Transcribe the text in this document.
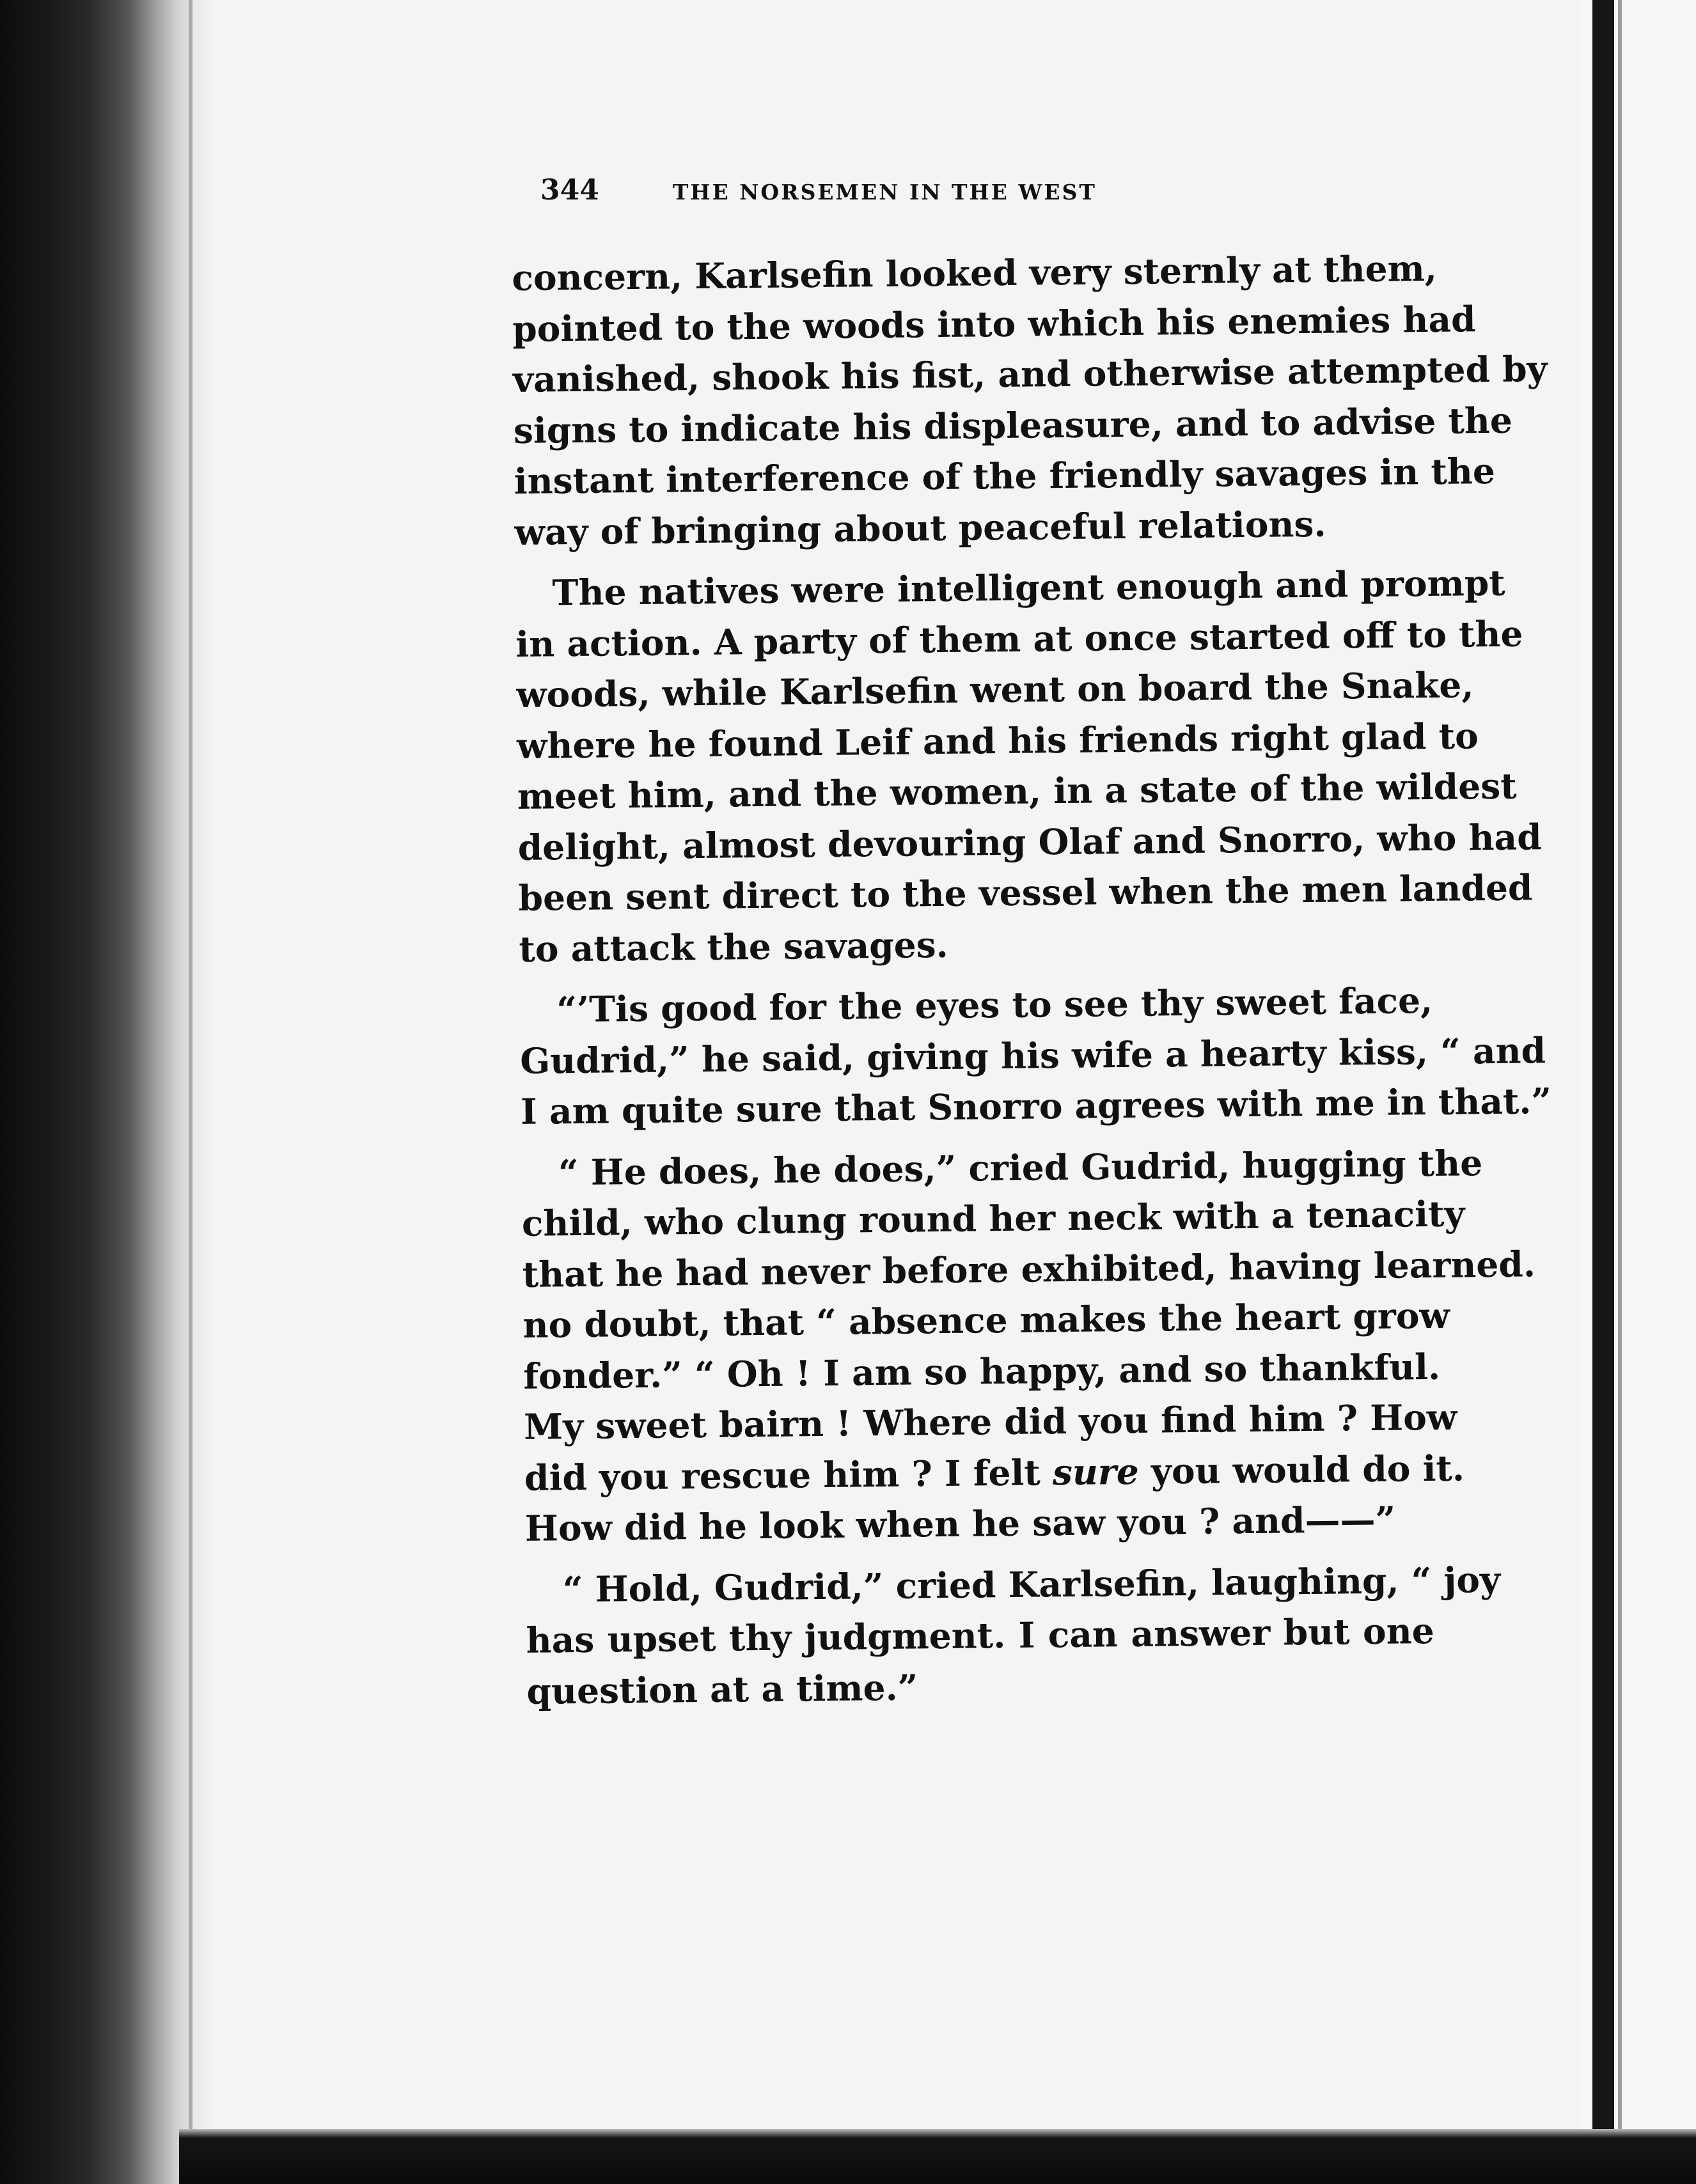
344	THE NORSEMEN IN THE WEST

concern, Karlsefin looked very sternly at them,
pointed to the woods into which his enemies had
vanished, shook his fist, and otherwise attempted by
signs to indicate his displeasure, and to advise the
instant interference of the friendly savages in the
way of bringing about peaceful relations.

The natives were intelligent enough and prompt
in action. A party of them at once started off to the
woods, while Karlsefin went on board the Snake,
where he found Leif and his friends right glad to
meet him, and the women, in a state of the wildest
delight, almost devouring Olaf and Snorro, who had
been sent direct to the vessel when the men landed
to attack the savages.

“’Tis good for the eyes to see thy sweet face,
Gudrid,” he said, giving his wife a hearty kiss, “ and
I am quite sure that Snorro agrees with me in that.”

“ He does, he does,” cried Gudrid, hugging the
child, who clung round her neck with a tenacity
that he had never before exhibited, having learned.
no doubt, that “ absence makes the heart grow
fonder.” “ Oh ! I am so happy, and so thankful.
My sweet bairn ! Where did you find him ? How
did you rescue him ? I felt sure you would do it.
How did he look when he saw you ? and——”

“ Hold, Gudrid,” cried Karlsefin, laughing, “ joy
has upset thy judgment. I can answer but one
question at a time.”
